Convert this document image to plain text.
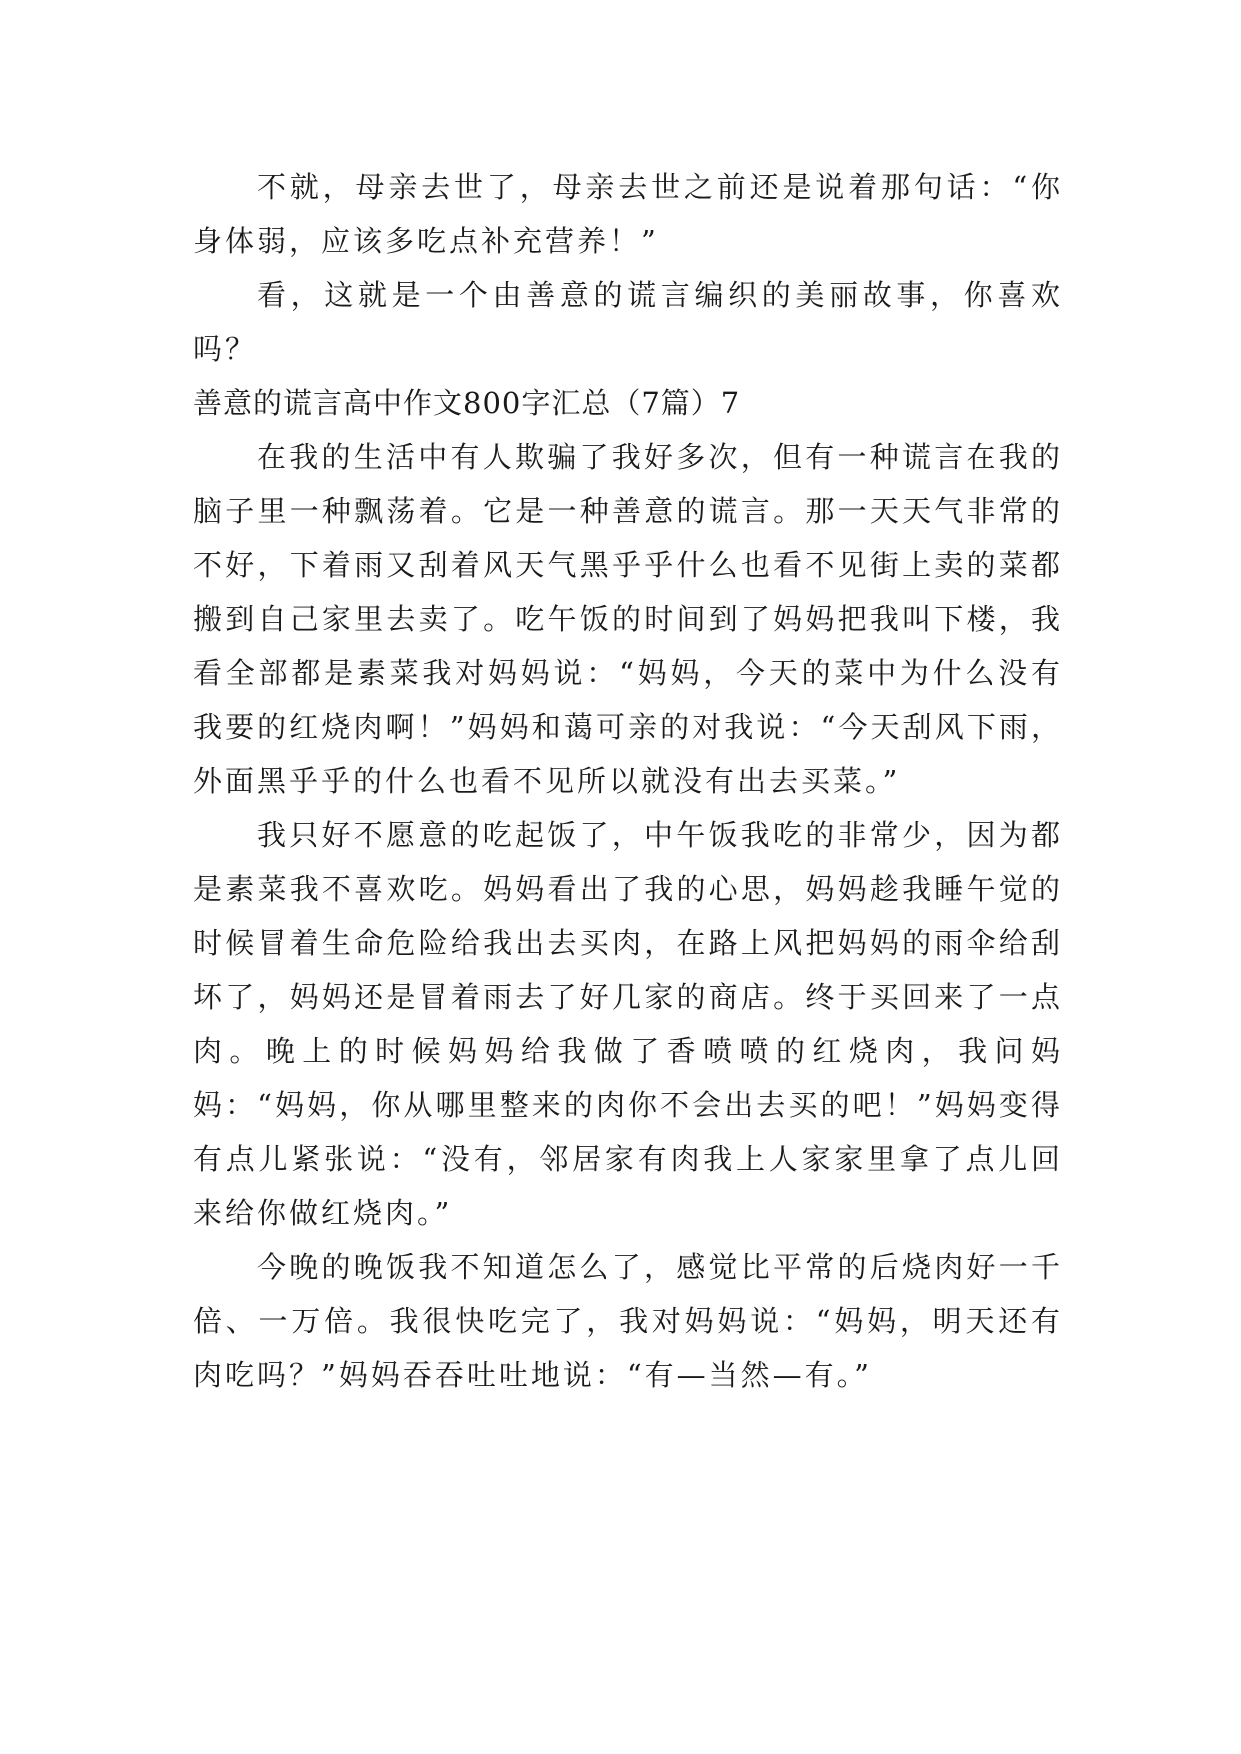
不就，母亲去世了，母亲去世之前还是说着那句话：“你身体弱，应该多吃点补充营养！”

看，这就是一个由善意的谎言编织的美丽故事，你喜欢吗？

善意的谎言高中作文800字汇总（7篇）7

在我的生活中有人欺骗了我好多次，但有一种谎言在我的脑子里一种飘荡着。它是一种善意的谎言。那一天天气非常的不好，下着雨又刮着风天气黑乎乎什么也看不见街上卖的菜都搬到自己家里去卖了。吃午饭的时间到了妈妈把我叫下楼，我看全部都是素菜我对妈妈说：“妈妈，今天的菜中为什么没有我要的红烧肉啊！”妈妈和蔼可亲的对我说：“今天刮风下雨，外面黑乎乎的什么也看不见所以就没有出去买菜。”

我只好不愿意的吃起饭了，中午饭我吃的非常少，因为都是素菜我不喜欢吃。妈妈看出了我的心思，妈妈趁我睡午觉的时候冒着生命危险给我出去买肉，在路上风把妈妈的雨伞给刮坏了，妈妈还是冒着雨去了好几家的商店。终于买回来了一点肉。晚上的时候妈妈给我做了香喷喷的红烧肉，我问妈妈：“妈妈，你从哪里整来的肉你不会出去买的吧！”妈妈变得有点儿紧张说：“没有，邻居家有肉我上人家家里拿了点儿回来给你做红烧肉。”

今晚的晚饭我不知道怎么了，感觉比平常的后烧肉好一千倍、一万倍。我很快吃完了，我对妈妈说：“妈妈，明天还有肉吃吗？”妈妈吞吞吐吐地说：“有—当然—有。”
